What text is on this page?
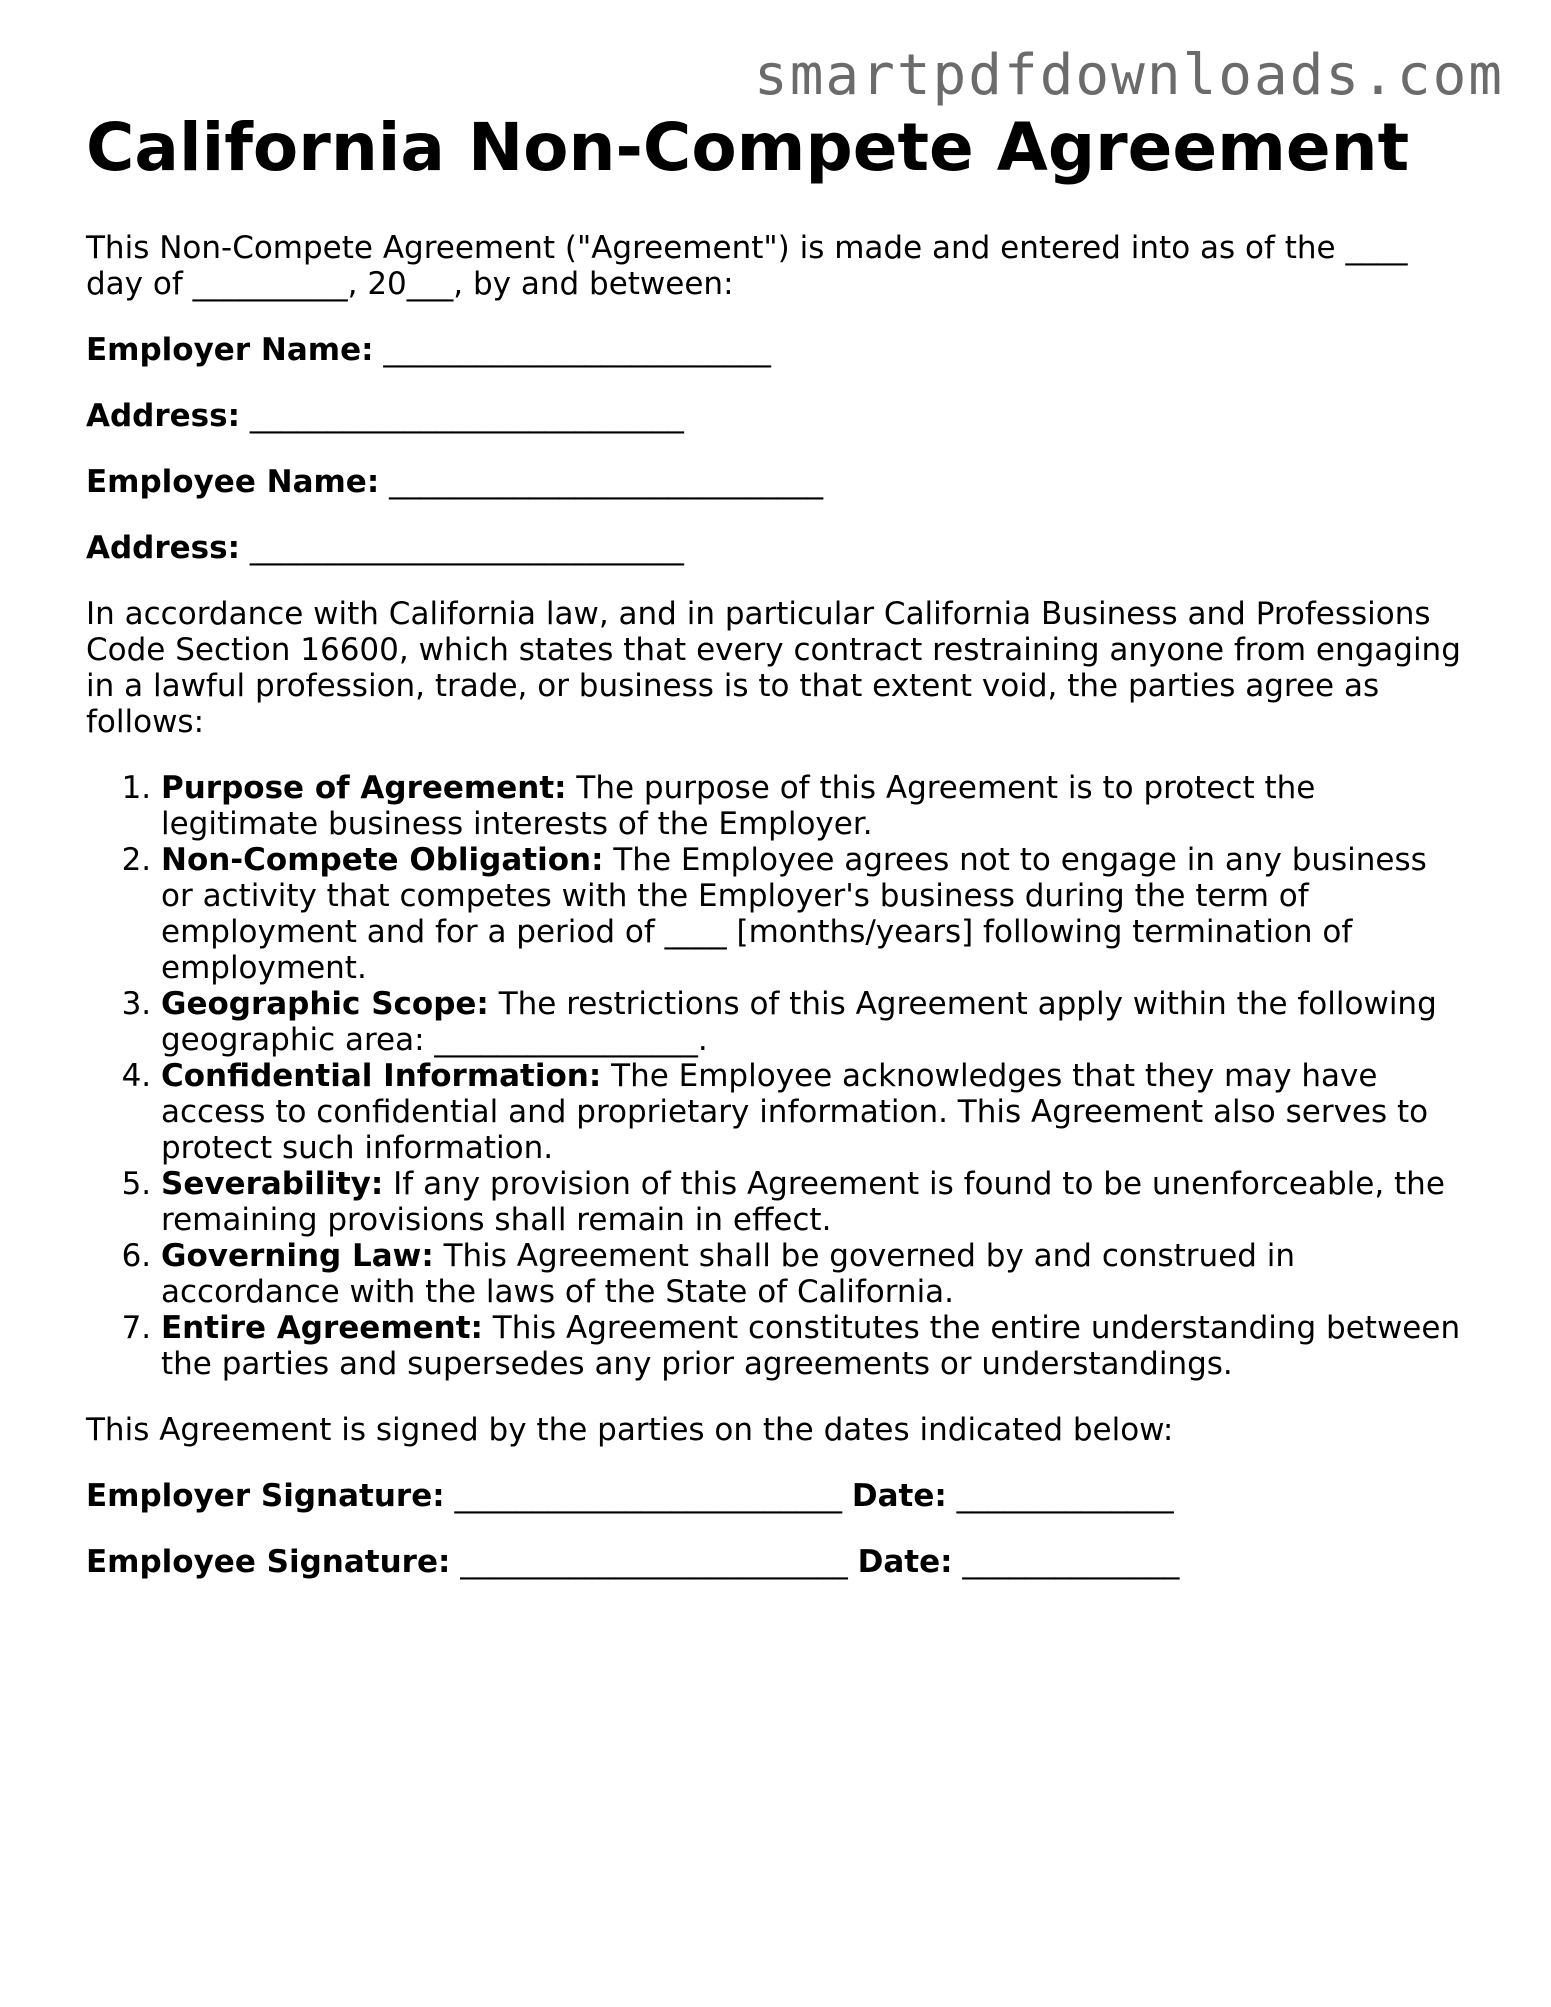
smartpdfdownloads.com
California Non-Compete Agreement

This Non-Compete Agreement ("Agreement") is made and entered into as of the ____ day of __________, 20___, by and between:

Employer Name: _________________________

Address: ____________________________

Employee Name: ____________________________

Address: ____________________________

In accordance with California law, and in particular California Business and Professions Code Section 16600, which states that every contract restraining anyone from engaging in a lawful profession, trade, or business is to that extent void, the parties agree as follows:

1. Purpose of Agreement: The purpose of this Agreement is to protect the legitimate business interests of the Employer.
2. Non-Compete Obligation: The Employee agrees not to engage in any business or activity that competes with the Employer's business during the term of employment and for a period of ____ [months/years] following termination of employment.
3. Geographic Scope: The restrictions of this Agreement apply within the following geographic area: _________________.
4. Confidential Information: The Employee acknowledges that they may have access to confidential and proprietary information. This Agreement also serves to protect such information.
5. Severability: If any provision of this Agreement is found to be unenforceable, the remaining provisions shall remain in effect.
6. Governing Law: This Agreement shall be governed by and construed in accordance with the laws of the State of California.
7. Entire Agreement: This Agreement constitutes the entire understanding between the parties and supersedes any prior agreements or understandings.

This Agreement is signed by the parties on the dates indicated below:

Employer Signature: _________________________ Date: ______________

Employee Signature: _________________________ Date: ______________
